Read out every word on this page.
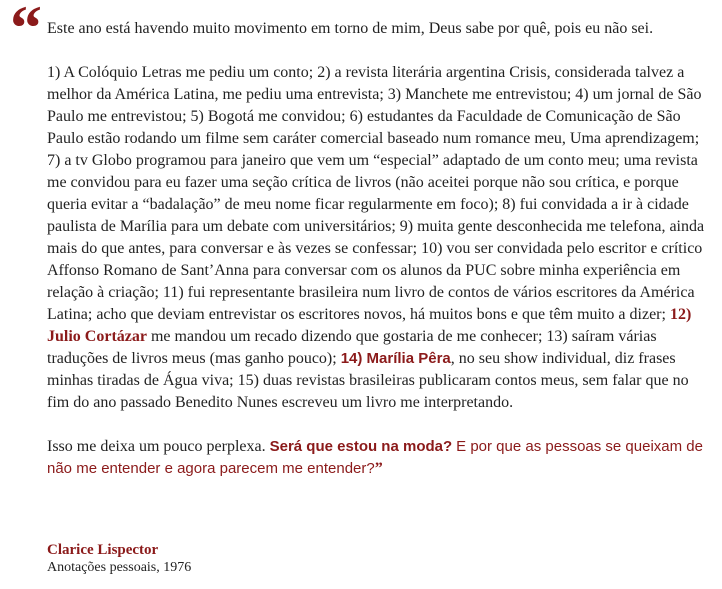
“ Este ano está havendo muito movimento em torno de mim, Deus sabe por quê, pois eu não sei.

1) A Colóquio Letras me pediu um conto; 2) a revista literária argentina Crisis, considerada talvez a melhor da América Latina, me pediu uma entrevista; 3) Manchete me entrevistou; 4) um jornal de São Paulo me entrevistou; 5) Bogotá me convidou; 6) estudantes da Faculdade de Comunicação de São Paulo estão rodando um filme sem caráter comercial baseado num romance meu, Uma aprendizagem; 7) a tv Globo programou para janeiro que vem um “especial” adaptado de um conto meu; uma revista me convidou para eu fazer uma seção crítica de livros (não aceitei porque não sou crítica, e porque queria evitar a “badalação” de meu nome ficar regularmente em foco); 8) fui convidada a ir à cidade paulista de Marília para um debate com universitários; 9) muita gente desconhecida me telefona, ainda mais do que antes, para conversar e às vezes se confessar; 10) vou ser convidada pelo escritor e crítico Affonso Romano de Sant’Anna para conversar com os alunos da PUC sobre minha experiência em relação à criação; 11) fui representante brasileira num livro de contos de vários escritores da América Latina; acho que deviam entrevistar os escritores novos, há muitos bons e que têm muito a dizer; 12) Julio Cortázar me mandou um recado dizendo que gostaria de me conhecer; 13) saíram várias traduções de livros meus (mas ganho pouco); 14) Marília Pêra, no seu show individual, diz frases minhas tiradas de Água viva; 15) duas revistas brasileiras publicaram contos meus, sem falar que no fim do ano passado Benedito Nunes escreveu um livro me interpretando.

Isso me deixa um pouco perplexa. Será que estou na moda? E por que as pessoas se queixam de não me entender e agora parecem me entender?”

Clarice Lispector
Anotações pessoais, 1976
